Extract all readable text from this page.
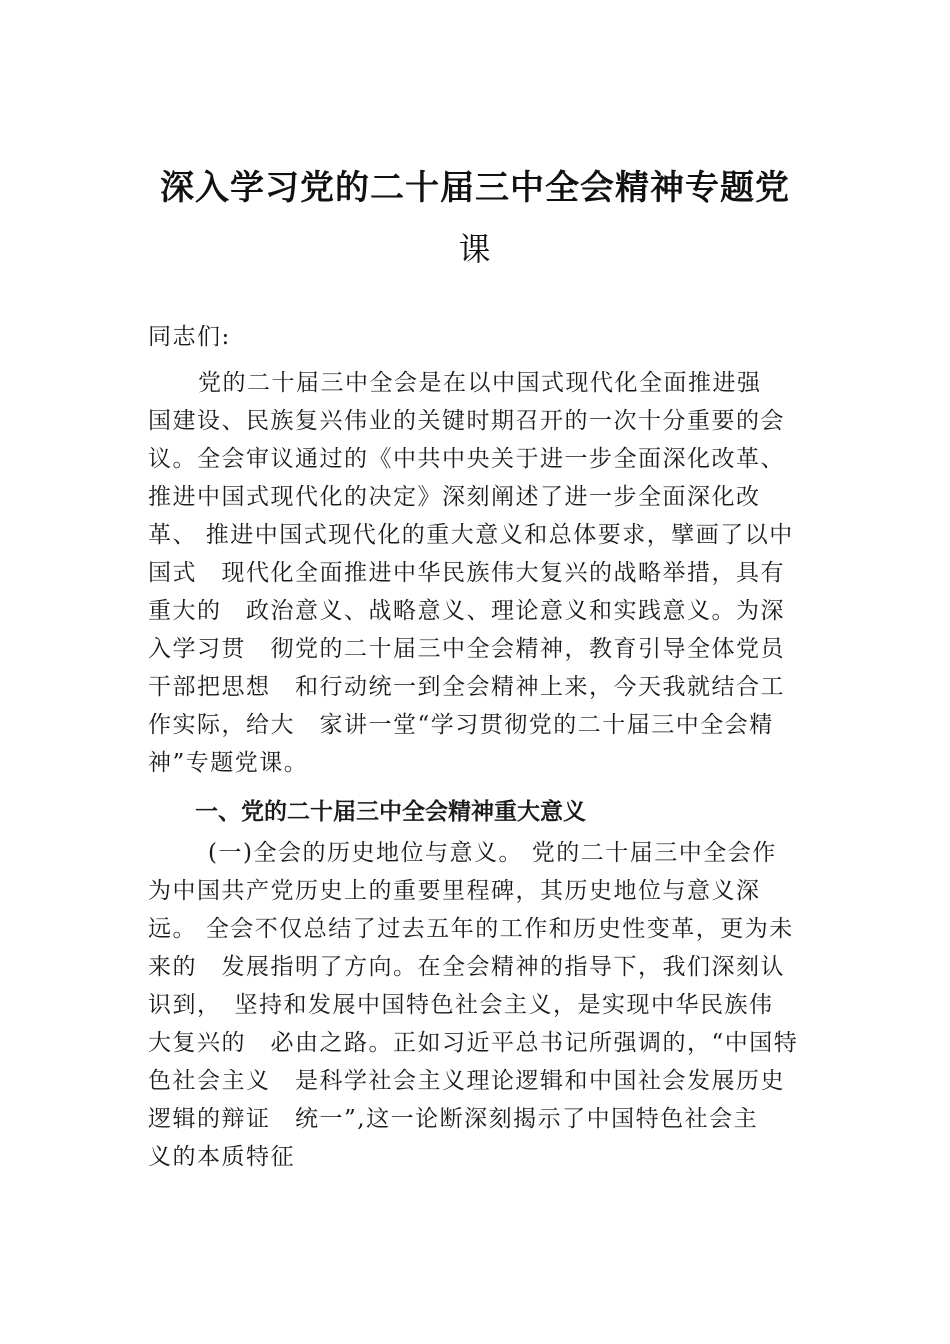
深入学习党的二十届三中全会精神专题党
课
同志们:
党的二十届三中全会是在以中国式现代化全面推进强
国建设、民族复兴伟业的关键时期召开的一次十分重要的会
议。全会审议通过的《中共中央关于进一步全面深化改革、
推进中国式现代化的决定》深刻阐述了进一步全面深化改
革、 推进中国式现代化的重大意义和总体要求，擘画了以中
国式　现代化全面推进中华民族伟大复兴的战略举措，具有
重大的　政治意义、战略意义、理论意义和实践意义。为深
入学习贯　彻党的二十届三中全会精神，教育引导全体党员
干部把思想　和行动统一到全会精神上来，今天我就结合工
作实际，给大　家讲一堂“学习贯彻党的二十届三中全会精
神”专题党课。
一、党的二十届三中全会精神重大意义
(一)全会的历史地位与意义。 党的二十届三中全会作
为中国共产党历史上的重要里程碑，其历史地位与意义深
远。 全会不仅总结了过去五年的工作和历史性变革，更为未
来的　发展指明了方向。在全会精神的指导下，我们深刻认
识到，　坚持和发展中国特色社会主义，是实现中华民族伟
大复兴的　必由之路。正如习近平总书记所强调的，“中国特
色社会主义　是科学社会主义理论逻辑和中国社会发展历史
逻辑的辩证　统一”,这一论断深刻揭示了中国特色社会主
义的本质特征
